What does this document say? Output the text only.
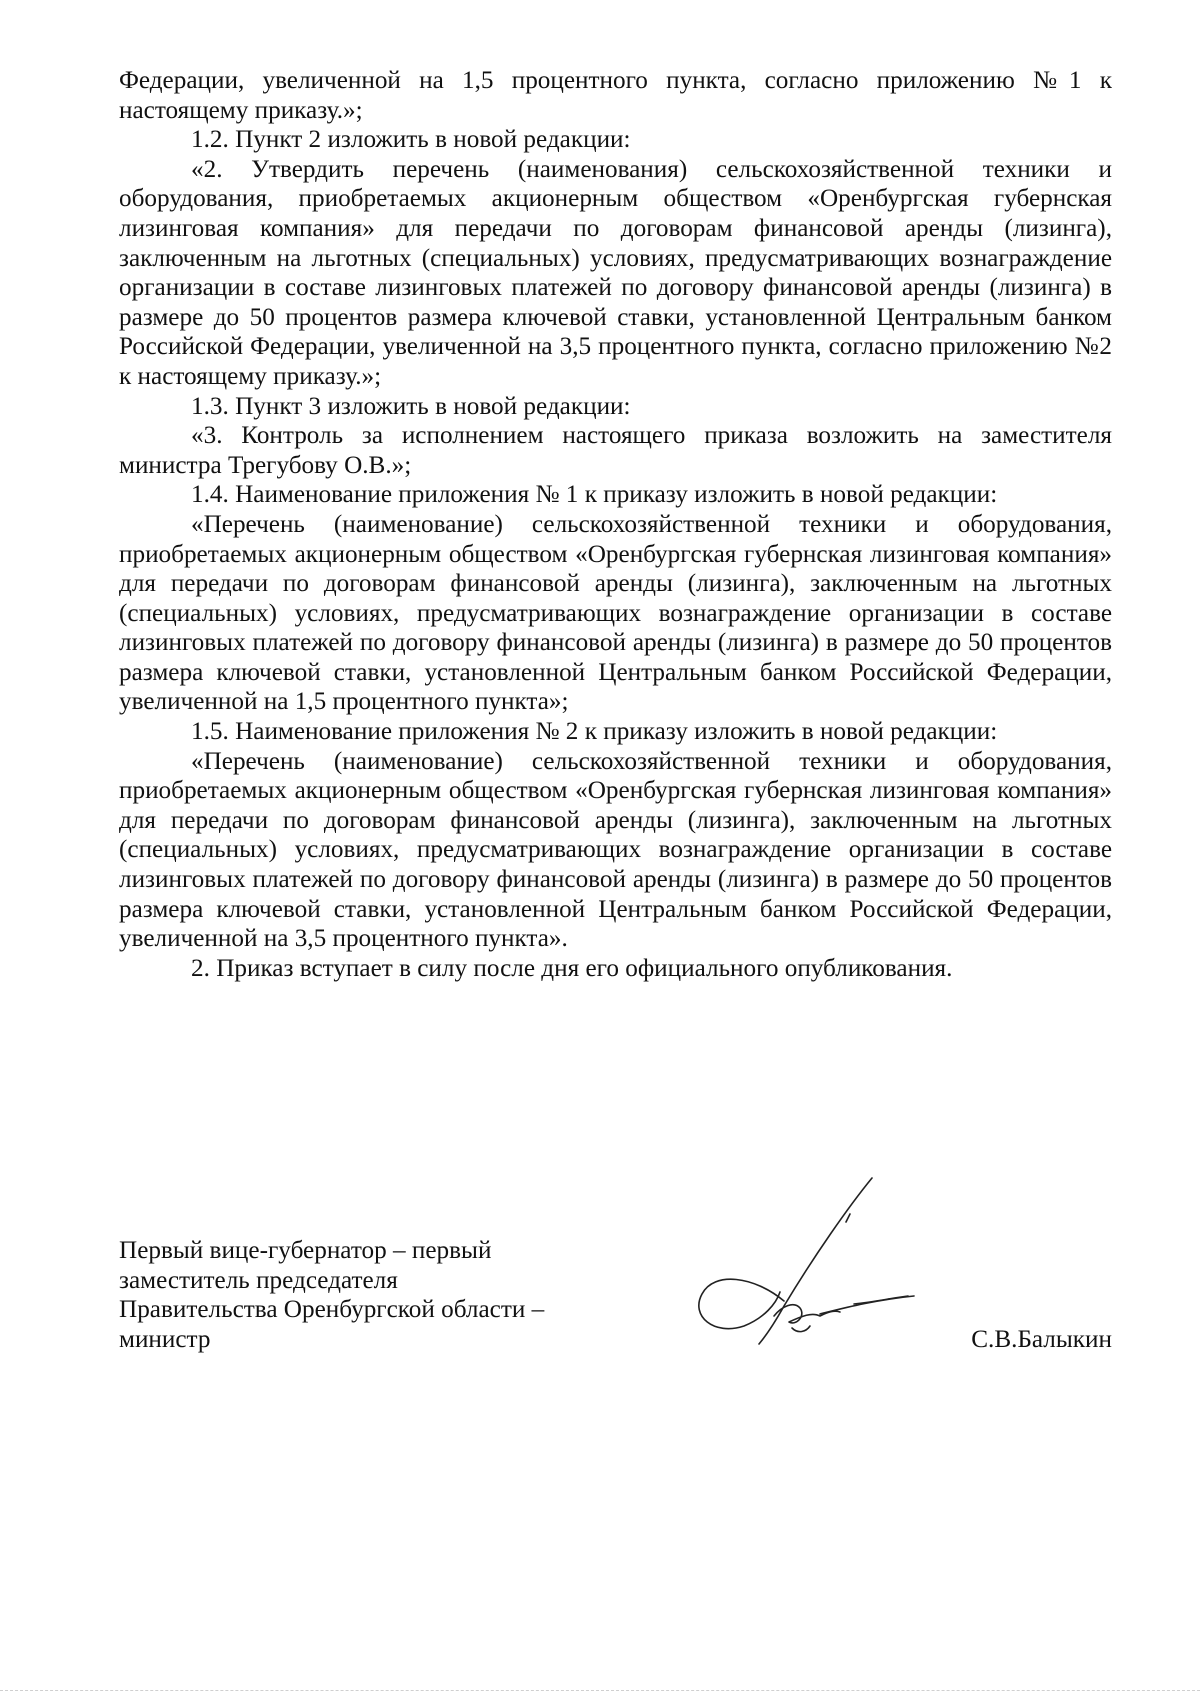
Федерации, увеличенной на 1,5 процентного пункта, согласно приложению №1 к настоящему приказу.»;

1.2. Пункт 2 изложить в новой редакции:

«2. Утвердить перечень (наименования) сельскохозяйственной техники и оборудования, приобретаемых акционерным обществом «Оренбургская губернская лизинговая компания» для передачи по договорам финансовой аренды (лизинга), заключенным на льготных (специальных) условиях, предусматривающих вознаграждение организации в составе лизинговых платежей по договору финансовой аренды (лизинга) в размере до 50 процентов размера ключевой ставки, установленной Центральным банком Российской Федерации, увеличенной на 3,5 процентного пункта, согласно приложению №2 к настоящему приказу.»;

1.3. Пункт 3 изложить в новой редакции:

«3. Контроль за исполнением настоящего приказа возложить на заместителя министра Трегубову О.В.»;

1.4. Наименование приложения № 1 к приказу изложить в новой редакции:

«Перечень (наименование) сельскохозяйственной техники и оборудования, приобретаемых акционерным обществом «Оренбургская губернская лизинговая компания» для передачи по договорам финансовой аренды (лизинга), заключенным на льготных (специальных) условиях, предусматривающих вознаграждение организации в составе лизинговых платежей по договору финансовой аренды (лизинга) в размере до 50 процентов размера ключевой ставки, установленной Центральным банком Российской Федерации, увеличенной на 1,5 процентного пункта»;

1.5. Наименование приложения № 2 к приказу изложить в новой редакции:

«Перечень (наименование) сельскохозяйственной техники и оборудования, приобретаемых акционерным обществом «Оренбургская губернская лизинговая компания» для передачи по договорам финансовой аренды (лизинга), заключенным на льготных (специальных) условиях, предусматривающих вознаграждение организации в составе лизинговых платежей по договору финансовой аренды (лизинга) в размере до 50 процентов размера ключевой ставки, установленной Центральным банком Российской Федерации, увеличенной на 3,5 процентного пункта».

2. Приказ вступает в силу после дня его официального опубликования.

Первый вице-губернатор – первый
заместитель председателя
Правительства Оренбургской области –
министр	С.В.Балыкин
